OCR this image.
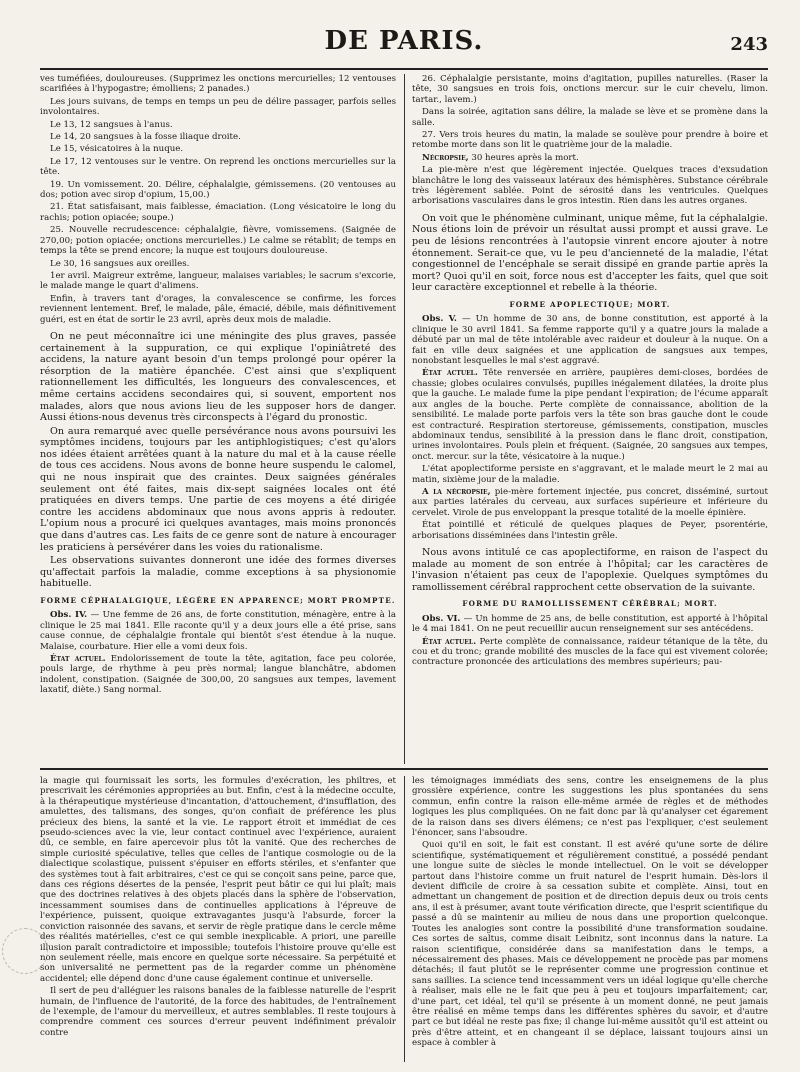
DE PARIS.	243

ves tuméfiées, douloureuses. (Supprimez les onctions mercurielles; 12 ventouses scarifiées à l'hypogastre; émolliens; 2 panades.)

Les jours suivans, de temps en temps un peu de délire passager, parfois selles involontaires.

Le 13, 12 sangsues à l'anus.

Le 14, 20 sangsues à la fosse iliaque droite.

Le 15, vésicatoires à la nuque.

Le 17, 12 ventouses sur le ventre. On reprend les onctions mercurielles sur la tête.

19. Un vomissement. 20. Délire, céphalalgie, gémissemens. (20 ventouses au dos; potion avec sirop d'opium, 15,00.)

21. État satisfaisant, mais faiblesse, émaciation. (Long vésicatoire le long du rachis; potion opiacée; soupe.)

25. Nouvelle recrudescence: céphalalgie, fièvre, vomissemens. (Saignée de 270,00; potion opiacée; onctions mercurielles.) Le calme se rétablit; de temps en temps la tête se prend encore; la nuque est toujours douloureuse.

Le 30, 16 sangsues aux oreilles.

1er avril. Maigreur extrême, langueur, malaises variables; le sacrum s'excorie, le malade mange le quart d'alimens.

Enfin, à travers tant d'orages, la convalescence se confirme, les forces reviennent lentement. Bref, le malade, pâle, émacié, débile, mais définitivement guéri, est en état de sortir le 23 avril, après deux mois de maladie.

On ne peut méconnaître ici une méningite des plus graves, passée certainement à la suppuration, ce qui explique l'opiniâtreté des accidens, la nature ayant besoin d'un temps prolongé pour opérer la résorption de la matière épanchée. C'est ainsi que s'expliquent rationnellement les difficultés, les longueurs des convalescences, et même certains accidens secondaires qui, si souvent, emportent nos malades, alors que nous avions lieu de les supposer hors de danger. Aussi étions-nous devenus très circonspects à l'égard du pronostic.

On aura remarqué avec quelle persévérance nous avons poursuivi les symptômes incidens, toujours par les antiphlogistiques; c'est qu'alors nos idées étaient arrêtées quant à la nature du mal et à la cause réelle de tous ces accidens. Nous avons de bonne heure suspendu le calomel, qui ne nous inspirait que des craintes. Deux saignées générales seulement ont été faites, mais dix-sept saignées locales ont été pratiquées en divers temps. Une partie de ces moyens a été dirigée contre les accidens abdominaux que nous avons appris à redouter. L'opium nous a procuré ici quelques avantages, mais moins prononcés que dans d'autres cas. Les faits de ce genre sont de nature à encourager les praticiens à persévérer dans les voies du rationalisme.

Les observations suivantes donneront une idée des formes diverses qu'affectait parfois la maladie, comme exceptions à sa physionomie habituelle.

FORME CÉPHALALGIQUE, LÉGÈRE EN APPARENCE; MORT PROMPTE.

Obs. IV. — Une femme de 26 ans, de forte constitution, ménagère, entre à la clinique le 25 mai 1841. Elle raconte qu'il y a deux jours elle a été prise, sans cause connue, de céphalalgie frontale qui bientôt s'est étendue à la nuque. Malaise, courbature. Hier elle a vomi deux fois.

État actuel. Endolorissement de toute la tête, agitation, face peu colorée, pouls large, de rhythme à peu près normal; langue blanchâtre, abdomen indolent, constipation. (Saignée de 300,00, 20 sangsues aux tempes, lavement laxatif, diète.) Sang normal.

26. Céphalalgie persistante, moins d'agitation, pupilles naturelles. (Raser la tête, 30 sangsues en trois fois, onctions mercur. sur le cuir chevelu, limon. tartar., lavem.)

Dans la soirée, agitation sans délire, la malade se lève et se promène dans la salle.

27. Vers trois heures du matin, la malade se soulève pour prendre à boire et retombe morte dans son lit le quatrième jour de la maladie.

Nécropsie, 30 heures après la mort.

La pie-mère n'est que légèrement injectée. Quelques traces d'exsudation blanchâtre le long des vaisseaux latéraux des hémisphères. Substance cérébrale très légèrement sablée. Point de sérosité dans les ventricules. Quelques arborisations vasculaires dans le gros intestin. Rien dans les autres organes.

On voit que le phénomène culminant, unique même, fut la céphalalgie. Nous étions loin de prévoir un résultat aussi prompt et aussi grave. Le peu de lésions rencontrées à l'autopsie vinrent encore ajouter à notre étonnement. Serait-ce que, vu le peu d'ancienneté de la maladie, l'état congestionnel de l'encéphale se serait dissipé en grande partie après la mort? Quoi qu'il en soit, force nous est d'accepter les faits, quel que soit leur caractère exceptionnel et rebelle à la théorie.

FORME APOPLECTIQUE; MORT.

Obs. V. — Un homme de 30 ans, de bonne constitution, est apporté à la clinique le 30 avril 1841. Sa femme rapporte qu'il y a quatre jours la malade a débuté par un mal de tête intolérable avec raideur et douleur à la nuque. On a fait en ville deux saignées et une application de sangsues aux tempes, nonobstant lesquelles le mal s'est aggravé.

État actuel. Tête renversée en arrière, paupières demi-closes, bordées de chassie; globes oculaires convulsés, pupilles inégalement dilatées, la droite plus que la gauche. Le malade fume la pipe pendant l'expiration; de l'écume apparaît aux angles de la bouche. Perte complète de connaissance, abolition de la sensibilité. Le malade porte parfois vers la tête son bras gauche dont le coude est contracturé. Respiration stertoreuse, gémissements, constipation, muscles abdominaux tendus, sensibilité à la pression dans le flanc droit, constipation, urines involontaires. Pouls plein et fréquent. (Saignée, 20 sangsues aux tempes, onct. mercur. sur la tête, vésicatoire à la nuque.)

L'état apoplectiforme persiste en s'aggravant, et le malade meurt le 2 mai au matin, sixième jour de la maladie.

A la nécropsie, pie-mère fortement injectée, pus concret, disséminé, surtout aux parties latérales du cerveau, aux surfaces supérieure et inférieure du cervelet. Virole de pus enveloppant la presque totalité de la moelle épinière.

État pointillé et réticulé de quelques plaques de Peyer, psorentérie, arborisations disséminées dans l'intestin grêle.

Nous avons intitulé ce cas apoplectiforme, en raison de l'aspect du malade au moment de son entrée à l'hôpital; car les caractères de l'invasion n'étaient pas ceux de l'apoplexie. Quelques symptômes du ramollissement cérébral rapprochent cette observation de la suivante.

FORME DU RAMOLLISSEMENT CÉRÉBRAL; MORT.

Obs. VI. — Un homme de 25 ans, de belle constitution, est apporté à l'hôpital le 4 mai 1841. On ne peut recueillir aucun renseignement sur ses antécédens.

État actuel. Perte complète de connaissance, raideur tétanique de la tête, du cou et du tronc; grande mobilité des muscles de la face qui est vivement colorée; contracture prononcée des articulations des membres supérieurs; pau-

la magie qui fournissait les sorts, les formules d'exécration, les philtres, et prescrivait les cérémonies appropriées au but. Enfin, c'est à la médecine occulte, à la thérapeutique mystérieuse d'incantation, d'attouchement, d'insufflation, des amulettes, des talismans, des songes, qu'on confiait de préférence les plus précieux des biens, la santé et la vie. Le rapport étroit et immédiat de ces pseudo-sciences avec la vie, leur contact continuel avec l'expérience, auraient dû, ce semble, en faire apercevoir plus tôt la vanité. Que des recherches de simple curiosité spéculative, telles que celles de l'antique cosmologie ou de la dialectique scolastique, puissent s'épuiser en efforts stériles, et s'enfanter que des systèmes tout à fait arbitraires, c'est ce qui se conçoit sans peine, parce que, dans ces régions désertes de la pensée, l'esprit peut bâtir ce qui lui plaît; mais que des doctrines relatives à des objets placés dans la sphère de l'observation, incessamment soumises dans de continuelles applications à l'épreuve de l'expérience, puissent, quoique extravagantes jusqu'à l'absurde, forcer la conviction raisonnée des savans, et servir de règle pratique dans le cercle même des réalités matérielles, c'est ce qui semble inexplicable. A priori, une pareille illusion paraît contradictoire et impossible; toutefois l'histoire prouve qu'elle est non seulement réelle, mais encore en quelque sorte nécessaire. Sa perpétuité et son universalité ne permettent pas de la regarder comme un phénomène accidentel; elle dépend donc d'une cause également continue et universelle.

Il sert de peu d'alléguer les raisons banales de la faiblesse naturelle de l'esprit humain, de l'influence de l'autorité, de la force des habitudes, de l'entraînement de l'exemple, de l'amour du merveilleux, et autres semblables. Il reste toujours à comprendre comment ces sources d'erreur peuvent indéfiniment prévaloir contre

les témoignages immédiats des sens, contre les enseignemens de la plus grossière expérience, contre les suggestions les plus spontanées du sens commun, enfin contre la raison elle-même armée de règles et de méthodes logiques les plus compliquées. On ne fait donc par là qu'analyser cet égarement de la raison dans ses divers élémens; ce n'est pas l'expliquer, c'est seulement l'énoncer, sans l'absoudre.

Quoi qu'il en soit, le fait est constant. Il est avéré qu'une sorte de délire scientifique, systématiquement et régulièrement constitué, a possédé pendant une longue suite de siècles le monde intellectuel. On le voit se développer partout dans l'histoire comme un fruit naturel de l'esprit humain. Dès-lors il devient difficile de croire à sa cessation subite et complète. Ainsi, tout en admettant un changement de position et de direction depuis deux ou trois cents ans, il est à présumer, avant toute vérification directe, que l'esprit scientifique du passé a dû se maintenir au milieu de nous dans une proportion quelconque. Toutes les analogies sont contre la possibilité d'une transformation soudaine. Ces sortes de saltus, comme disait Leibnitz, sont inconnus dans la nature. La raison scientifique, considérée dans sa manifestation dans le temps, a nécessairement des phases. Mais ce développement ne procède pas par momens détachés; il faut plutôt se le représenter comme une progression continue et sans saillies. La science tend incessamment vers un idéal logique qu'elle cherche à réaliser, mais elle ne le fait que peu à peu et toujours imparfaitement; car, d'une part, cet idéal, tel qu'il se présente à un moment donné, ne peut jamais être réalisé en même temps dans les différentes sphères du savoir, et d'autre part ce but idéal ne reste pas fixe; il change lui-même aussitôt qu'il est atteint ou près d'être atteint, et en changeant il se déplace, laissant toujours ainsi un espace à combler à
